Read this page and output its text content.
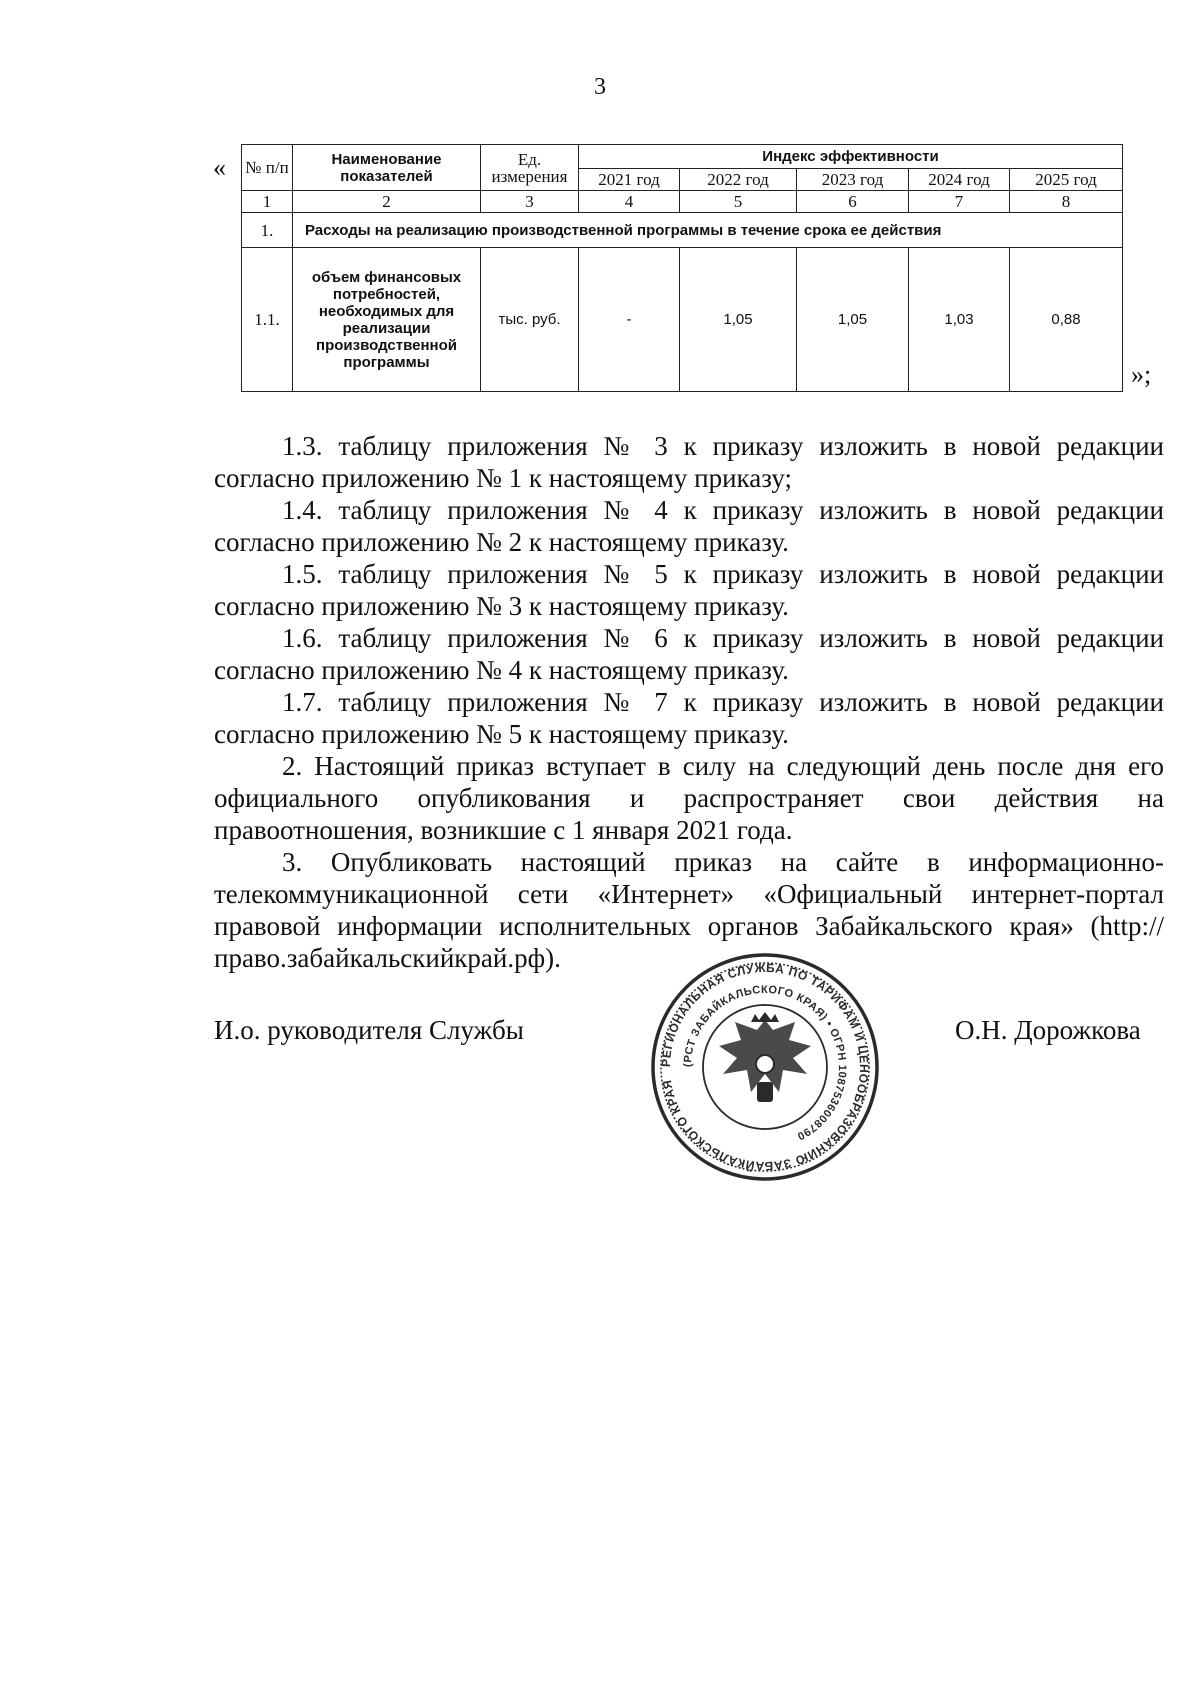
3
« № п/п	Наименование показателей	Ед. измерения	Индекс эффективности				
			2021 год	2022 год	2023 год	2024 год	2025 год
1	2	3	4	5	6	7	8
1.	Расходы на реализацию производственной программы в течение срока ее действия						
1.1.	объем финансовых потребностей, необходимых для реализации производственной программы	тыс. руб.	-	1,05	1,05	1,03	0,88
»;

1.3. таблицу приложения № 3 к приказу изложить в новой редакции согласно приложению № 1 к настоящему приказу;

1.4. таблицу приложения № 4 к приказу изложить в новой редакции согласно приложению № 2 к настоящему приказу.

1.5. таблицу приложения № 5 к приказу изложить в новой редакции согласно приложению № 3 к настоящему приказу.

1.6. таблицу приложения № 6 к приказу изложить в новой редакции согласно приложению № 4 к настоящему приказу.

1.7. таблицу приложения № 7 к приказу изложить в новой редакции согласно приложению № 5 к настоящему приказу.

2. Настоящий приказ вступает в силу на следующий день после дня его официального опубликования и распространяет свои действия на правоотношения, возникшие с 1 января 2021 года.

3. Опубликовать настоящий приказ на сайте в информационно-телекоммуникационной сети «Интернет» «Официальный интернет-портал правовой информации исполнительных органов Забайкальского края» (http://право.забайкальскийкрай.рф).

И.о. руководителя Службы	О.Н. Дорожкова
РЕГИОНАЛЬНАЯ СЛУЖБА ПО ТАРИФАМ И ЦЕНООБРАЗОВАНИЮ ЗАБАЙКАЛЬСКОГО КРАЯ
(РСТ ЗАБАЙКАЛЬСКОГО КРАЯ) • ОГРН 1087536008790
